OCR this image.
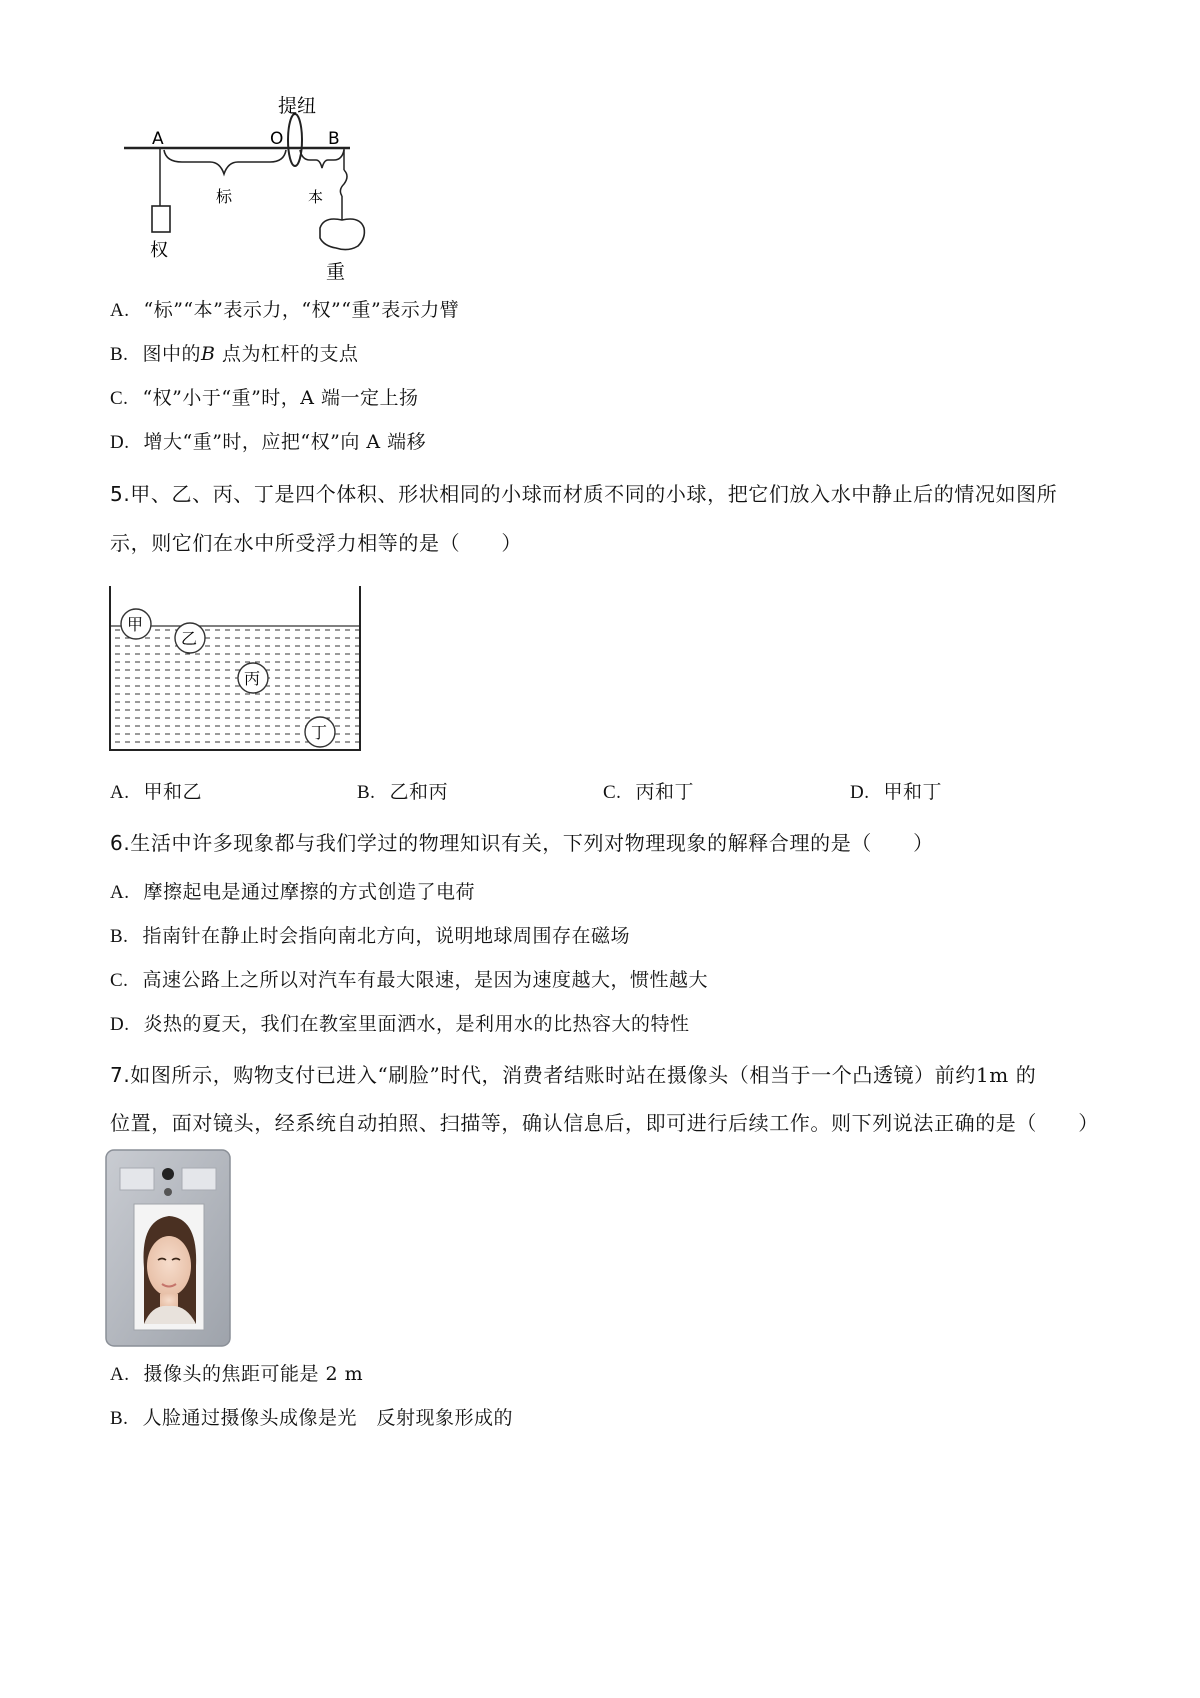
提纽
A	O	B
标	本
权
重
A. “标”“本”表示力，“权”“重”表示力臂
B. 图中的B 点为杠杆的支点
C. “权”小于“重”时，A 端一定上扬
D. 增大“重”时，应把“权”向 A 端移
5.甲、乙、丙、丁是四个体积、形状相同的小球而材质不同的小球，把它们放入水中静止后的情况如图所
示，则它们在水中所受浮力相等的是（　　）
甲
乙
丙
丁
A. 甲和乙	B. 乙和丙	C. 丙和丁	D. 甲和丁
6.生活中许多现象都与我们学过的物理知识有关，下列对物理现象的解释合理的是（　　）
A. 摩擦起电是通过摩擦的方式创造了电荷
B. 指南针在静止时会指向南北方向，说明地球周围存在磁场
C. 高速公路上之所以对汽车有最大限速，是因为速度越大，惯性越大
D. 炎热的夏天，我们在教室里面洒水，是利用水的比热容大的特性
7.如图所示，购物支付已进入“刷脸”时代，消费者结账时站在摄像头（相当于一个凸透镜）前约1m 的
位置，面对镜头，经系统自动拍照、扫描等，确认信息后，即可进行后续工作。则下列说法正确的是（　　）
A. 摄像头的焦距可能是 2 m
B. 人脸通过摄像头成像是光　反射现象形成的
